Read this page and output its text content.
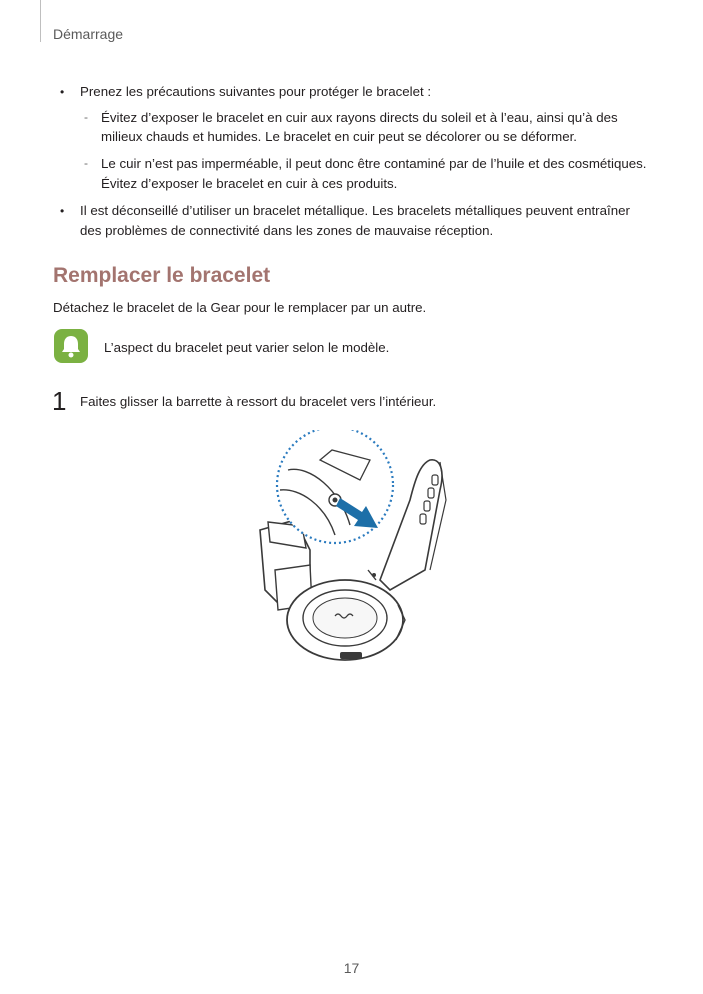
Démarrage
• Prenez les précautions suivantes pour protéger le bracelet :
- Évitez d’exposer le bracelet en cuir aux rayons directs du soleil et à l’eau, ainsi qu’à des
milieux chauds et humides. Le bracelet en cuir peut se décolorer ou se déformer.
- Le cuir n’est pas imperméable, il peut donc être contaminé par de l’huile et des cosmétiques.
Évitez d’exposer le bracelet en cuir à ces produits.
• Il est déconseillé d’utiliser un bracelet métallique. Les bracelets métalliques peuvent entraîner
des problèmes de connectivité dans les zones de mauvaise réception.
Remplacer le bracelet
Détachez le bracelet de la Gear pour le remplacer par un autre.
L’aspect du bracelet peut varier selon le modèle.
1 Faites glisser la barrette à ressort du bracelet vers l’intérieur.
17
